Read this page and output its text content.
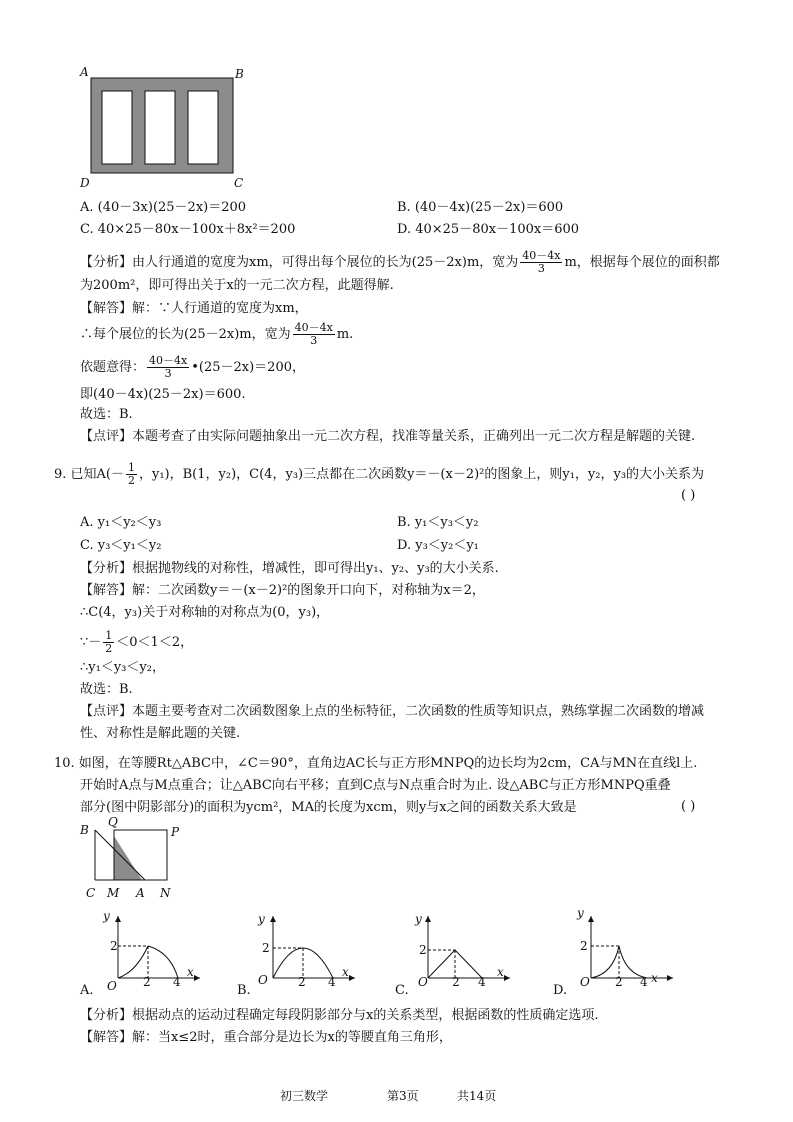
A	B
D	C
A. (40－3x)(25－2x)＝200	B. (40－4x)(25－2x)＝600
C. 40×25－80x－100x＋8x²＝200	D. 40×25－80x－100x＝600
【分析】由人行通道的宽度为xm，可得出每个展位的长为(25－2x)m，宽为 $\frac{40-4x}{3}$ m，根据每个展位的面积都
为200m²，即可得出关于x的一元二次方程，此题得解.
【解答】解：∵人行通道的宽度为xm，
∴每个展位的长为(25－2x)m，宽为 $\frac{40-4x}{3} m$.
依题意得： $\frac{40-4x}{3}$ •(25－2x)＝200，
即(40－4x)(25－2x)＝600.
故选：B.
【点评】本题考查了由实际问题抽象出一元二次方程，找准等量关系，正确列出一元二次方程是解题的关键.
9. 已知$A(- \frac{1}{2}$ ，y₁)，B(1，y₂)，C(4，y₃)三点都在二次函数y＝－(x－2)²的图象上，则y₁，y₂，y₃的大小关系为
( )
A. y₁＜y₂＜y₃	B. y₁＜y₃＜y₂
C. y₃＜y₁＜y₂	D. y₃＜y₂＜y₁
【分析】根据抛物线的对称性，增减性，即可得出y₁、y₂、y₃的大小关系.
【解答】解：二次函数y＝－(x－2)²的图象开口向下，对称轴为x＝2，
∴C(4，y₃)关于对称轴的对称点为(0，y₃)，
∵－ $\frac{1}{2} <0<1<2$，
∴y₁＜y₃＜y₂，
故选：B.
【点评】本题主要考查对二次函数图象上点的坐标特征，二次函数的性质等知识点，熟练掌握二次函数的增减
性、对称性是解此题的关键.
10. 如图，在等腰Rt△ABC中，∠C＝90°，直角边AC长与正方形MNPQ的边长均为2cm，CA与MN在直线l上.
开始时A点与M点重合；让△ABC向右平移；直到C点与N点重合时为止. 设△ABC与正方形MNPQ重叠
部分(图中阴影部分)的面积为ycm²，MA的长度为xcm，则y与x之间的函数关系大致是	( )
B
Q
P
C M A N
y
x
O 2 4
2
A.
y
x
O	2 4
2
B.
y
x
O 2 4
2
C.
y
x
O 2 4
2
D.
【分析】根据动点的运动过程确定每段阴影部分与x的关系类型，根据函数的性质确定选项.
【解答】解：当x≤2时，重合部分是边长为x的等腰直角三角形，
初三数学	第3页	共14页
